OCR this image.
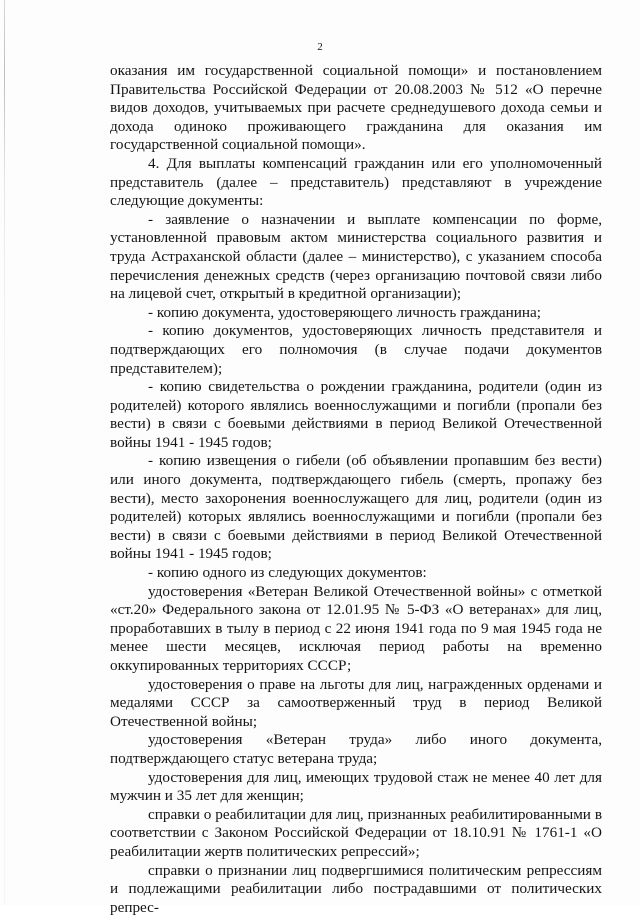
2

оказания им государственной социальной помощи» и постановлением Правительства Российской Федерации от 20.08.2003 № 512 «О перечне видов доходов, учитываемых при расчете среднедушевого дохода семьи и дохода одиноко проживающего гражданина для оказания им государственной социальной помощи».

4. Для выплаты компенсаций гражданин или его уполномоченный представитель (далее – представитель) представляют в учреждение следующие документы:

- заявление о назначении и выплате компенсации по форме, установленной правовым актом министерства социального развития и труда Астраханской области (далее – министерство), с указанием способа перечисления денежных средств (через организацию почтовой связи либо на лицевой счет, открытый в кредитной организации);

- копию документа, удостоверяющего личность гражданина;

- копию документов, удостоверяющих личность представителя и подтверждающих его полномочия (в случае подачи документов представителем);

- копию свидетельства о рождении гражданина, родители (один из родителей) которого являлись военнослужащими и погибли (пропали без вести) в связи с боевыми действиями в период Великой Отечественной войны 1941 - 1945 годов;

- копию извещения о гибели (об объявлении пропавшим без вести) или иного документа, подтверждающего гибель (смерть, пропажу без вести), место захоронения военнослужащего для лиц, родители (один из родителей) которых являлись военнослужащими и погибли (пропали без вести) в связи с боевыми действиями в период Великой Отечественной войны 1941 - 1945 годов;

- копию одного из следующих документов:

удостоверения «Ветеран Великой Отечественной войны» с отметкой «ст.20» Федерального закона от 12.01.95 № 5-ФЗ «О ветеранах» для лиц, проработавших в тылу в период с 22 июня 1941 года по 9 мая 1945 года не менее шести месяцев, исключая период работы на временно оккупированных территориях СССР;

удостоверения о праве на льготы для лиц, награжденных орденами и медалями СССР за самоотверженный труд в период Великой Отечественной войны;

удостоверения «Ветеран труда» либо иного документа, подтверждающего статус ветерана труда;

удостоверения для лиц, имеющих трудовой стаж не менее 40 лет для мужчин и 35 лет для женщин;

справки о реабилитации для лиц, признанных реабилитированными в соответствии с Законом Российской Федерации от 18.10.91 № 1761-1 «О реабилитации жертв политических репрессий»;

справки о признании лиц подвергшимися политическим репрессиям и подлежащими реабилитации либо пострадавшими от политических репрес-
